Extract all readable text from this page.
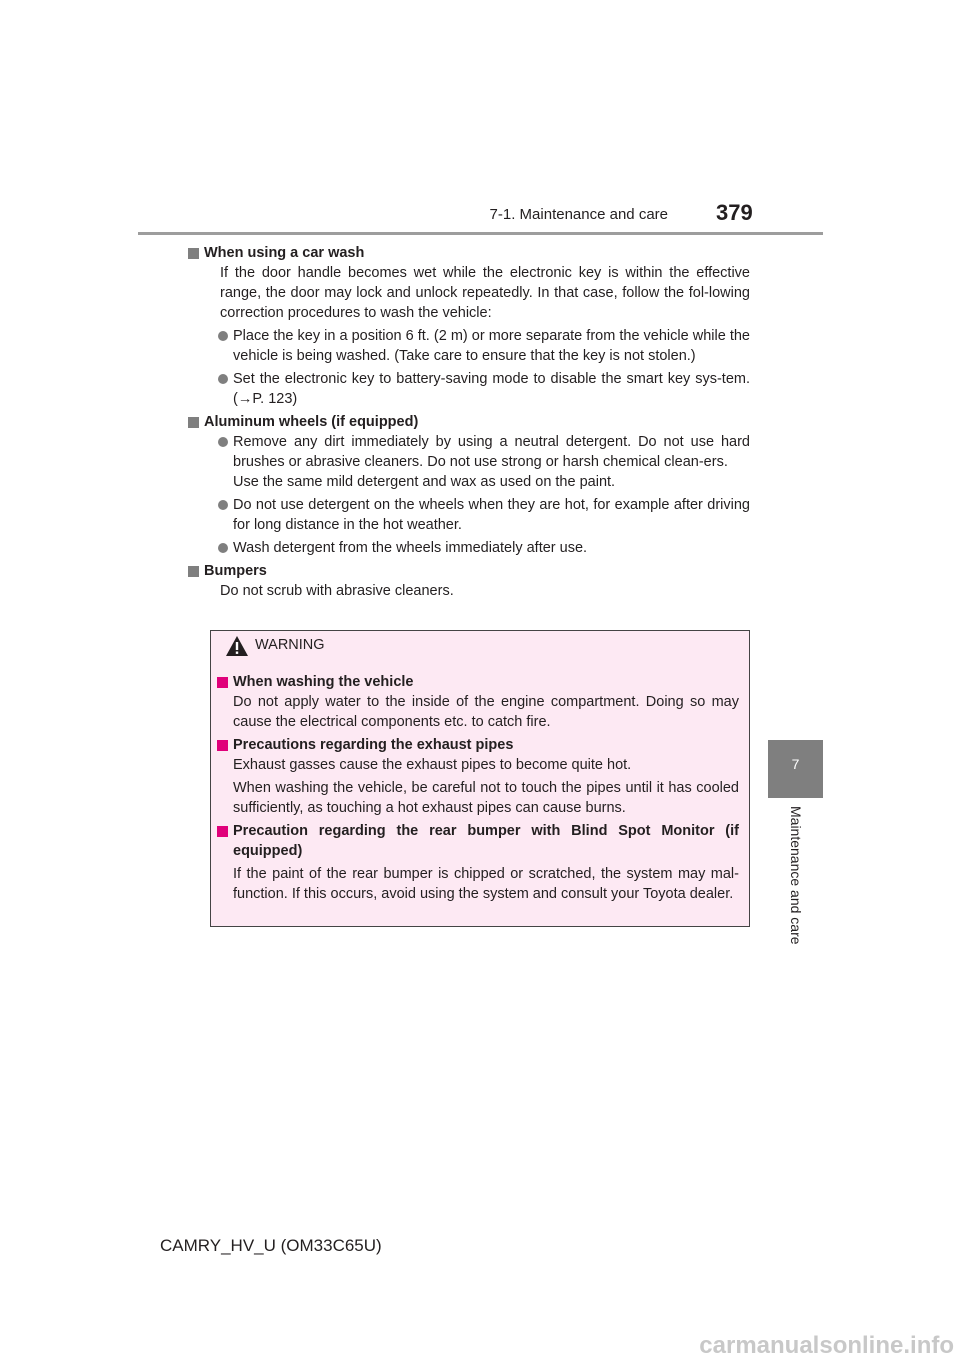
7-1. Maintenance and care 379
7
Maintenance and care
When using a car wash
If the door handle becomes wet while the electronic key is within the effective range, the door may lock and unlock repeatedly. In that case, follow the fol-lowing correction procedures to wash the vehicle:
Place the key in a position 6 ft. (2 m) or more separate from the vehicle while the vehicle is being washed. (Take care to ensure that the key is not stolen.)
Set the electronic key to battery-saving mode to disable the smart key sys-tem. (→P. 123)
Aluminum wheels (if equipped)
Remove any dirt immediately by using a neutral detergent. Do not use hard brushes or abrasive cleaners. Do not use strong or harsh chemical clean-ers.
Use the same mild detergent and wax as used on the paint.
Do not use detergent on the wheels when they are hot, for example after driving for long distance in the hot weather.
Wash detergent from the wheels immediately after use.
Bumpers
Do not scrub with abrasive cleaners.
WARNING
When washing the vehicle
Do not apply water to the inside of the engine compartment. Doing so may cause the electrical components etc. to catch fire.
Precautions regarding the exhaust pipes
Exhaust gasses cause the exhaust pipes to become quite hot.
When washing the vehicle, be careful not to touch the pipes until it has cooled sufficiently, as touching a hot exhaust pipes can cause burns.
Precaution regarding the rear bumper with Blind Spot Monitor (if equipped)
If the paint of the rear bumper is chipped or scratched, the system may mal-function. If this occurs, avoid using the system and consult your Toyota dealer.
CAMRY_HV_U (OM33C65U)
carmanualsonline.info
